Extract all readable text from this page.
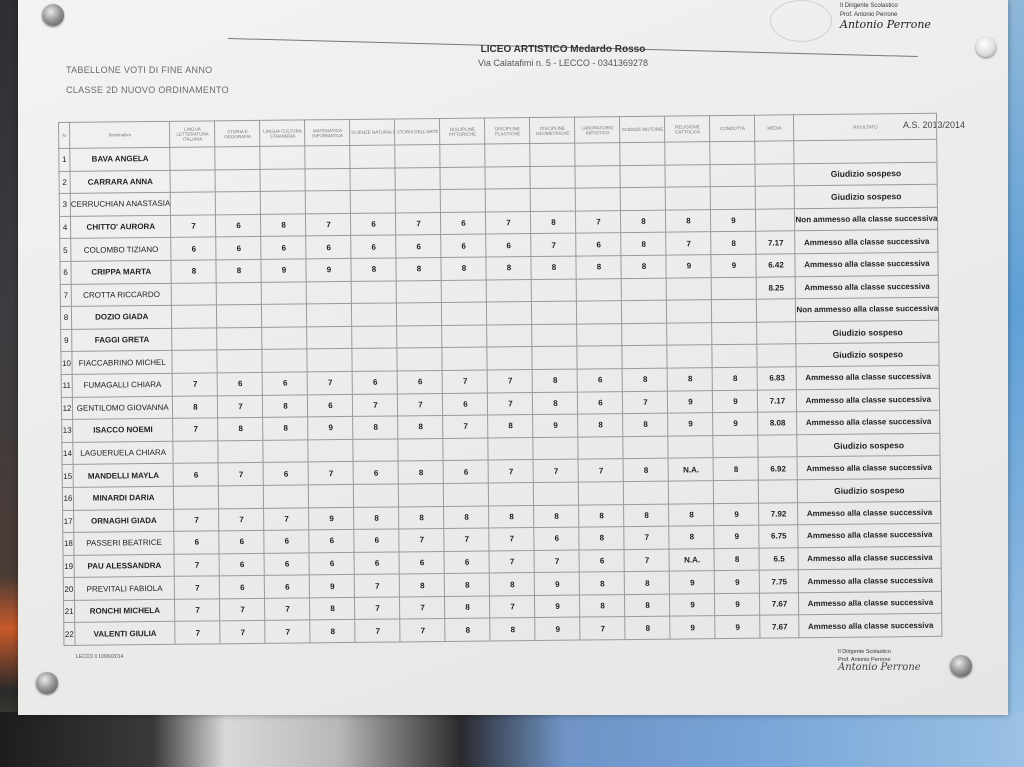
Il Dirigente Scolastico
Prof. Antonio Perrone
Antonio Perrone
TABELLONE VOTI DI FINE ANNO
CLASSE 2D NUOVO ORDINAMENTO
LICEO ARTISTICO Medardo Rosso
Via Calatafimi n. 5 - LECCO - 0341369278
A.S. 2013/2014
N	Nominativo	LINGUA LETTERATURA ITALIANA	STORIA E GEOGRAFIA	LINGUA CULTURA STRANIERA	MATEMATICA INFORMATICA	SCIENZE NATURALI	STORIA DELL'ARTE	DISCIPLINE PITTORICHE	DISCIPLINE PLASTICHE	DISCIPLINE GEOMETRICHE	LABORATORIO ARTISTICO	SCIENZE MOTORIE	RELIGIONE CATTOLICA	CONDOTTA	MEDIA	RISULTATO
1	BAVA ANGELA															
2	CARRARA ANNA															Giudizio sospeso
3	CERRUCHIAN ANASTASIA															Giudizio sospeso
4	CHITTO' AURORA	7	6	8	7	6	7	6	7	8	7	8	8	9		Non ammesso alla classe successiva
5	COLOMBO TIZIANO	6	6	6	6	6	6	6	6	7	6	8	7	8	7.17	Ammesso alla classe successiva
6	CRIPPA MARTA	8	8	9	9	8	8	8	8	8	8	8	9	9	6.42	Ammesso alla classe successiva
7	CROTTA RICCARDO														8.25	Ammesso alla classe successiva
8	DOZIO GIADA															Non ammesso alla classe successiva
9	FAGGI GRETA															Giudizio sospeso
10	FIACCABRINO MICHEL															Giudizio sospeso
11	FUMAGALLI CHIARA	7	6	6	7	6	6	7	7	8	6	8	8	8	6.83	Ammesso alla classe successiva
12	GENTILOMO GIOVANNA	8	7	8	6	7	7	6	7	8	6	7	9	9	7.17	Ammesso alla classe successiva
13	ISACCO NOEMI	7	8	8	9	8	8	7	8	9	8	8	9	9	8.08	Ammesso alla classe successiva
14	LAGUERUELA CHIARA															Giudizio sospeso
15	MANDELLI MAYLA	6	7	6	7	6	8	6	7	7	7	8	N.A.	8	6.92	Ammesso alla classe successiva
16	MINARDI DARIA															Giudizio sospeso
17	ORNAGHI GIADA	7	7	7	9	8	8	8	8	8	8	8	8	9	7.92	Ammesso alla classe successiva
18	PASSERI BEATRICE	6	6	6	6	6	7	7	7	6	8	7	8	9	6.75	Ammesso alla classe successiva
19	PAU ALESSANDRA	7	6	6	6	6	6	6	7	7	6	7	N.A.	8	6.5	Ammesso alla classe successiva
20	PREVITALI FABIOLA	7	6	6	9	7	8	8	8	9	8	8	9	9	7.75	Ammesso alla classe successiva
21	RONCHI MICHELA	7	7	7	8	7	7	8	7	9	8	8	9	9	7.67	Ammesso alla classe successiva
22	VALENTI GIULIA	7	7	7	8	7	7	8	8	9	7	8	9	9	7.67	Ammesso alla classe successiva
LECCO li 10/06/2014
Il Dirigente Scolastico
Prof. Antonio Perrone
Antonio Perrone
